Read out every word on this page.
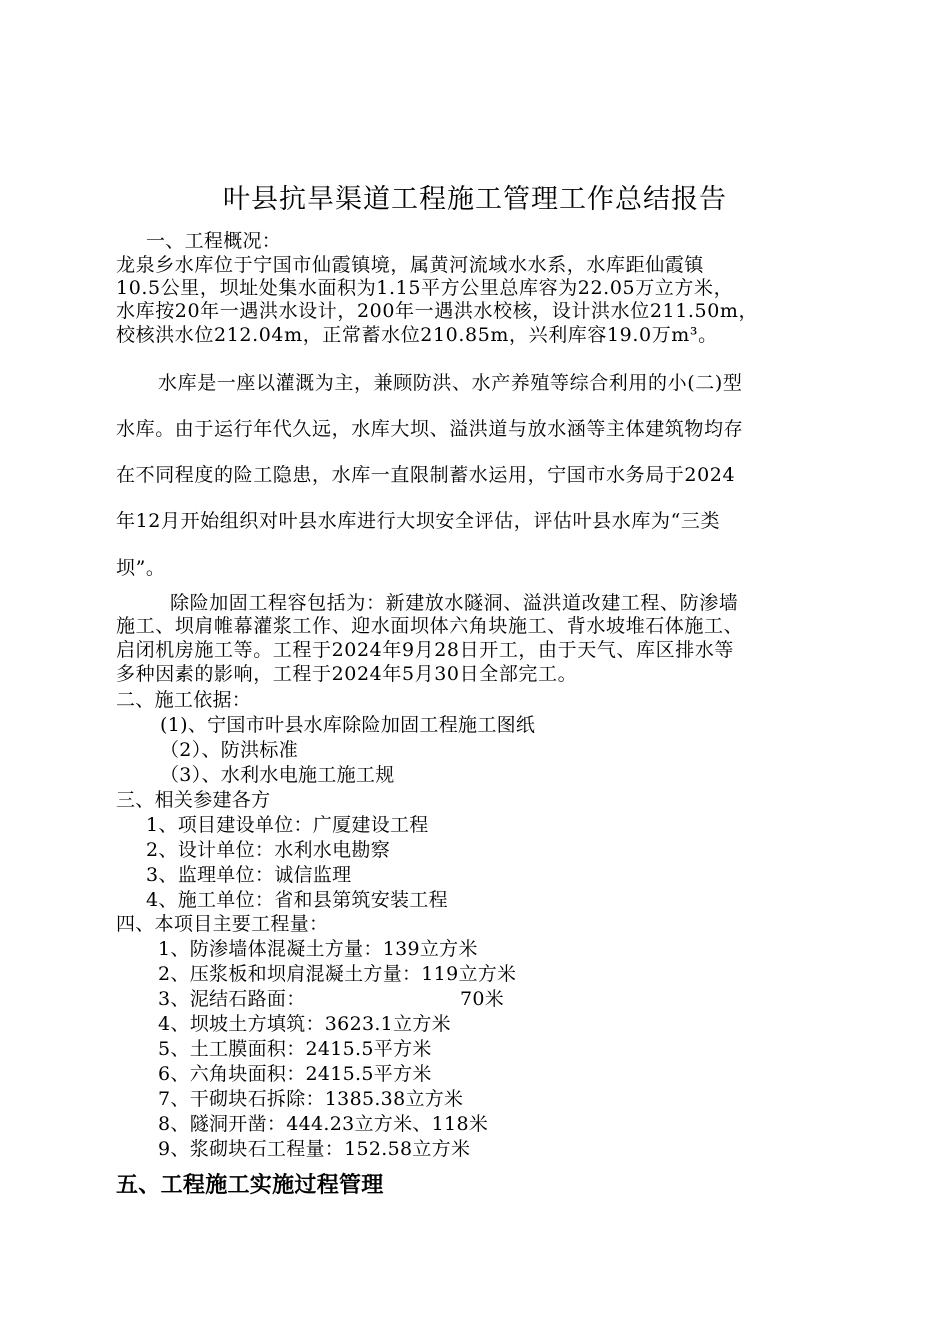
叶县抗旱渠道工程施工管理工作总结报告
一、工程概况：
龙泉乡水库位于宁国市仙霞镇境，属黄河流域水水系，水库距仙霞镇
10.5公里，坝址处集水面积为1.15平方公里总库容为22.05万立方米，
水库按20年一遇洪水设计，200年一遇洪水校核，设计洪水位211.50m，
校核洪水位212.04m，正常蓄水位210.85m，兴利库容19.0万m³。
水库是一座以灌溉为主，兼顾防洪、水产养殖等综合利用的小(二)型
水库。由于运行年代久远，水库大坝、溢洪道与放水涵等主体建筑物均存
在不同程度的险工隐患，水库一直限制蓄水运用，宁国市水务局于2024
年12月开始组织对叶县水库进行大坝安全评估，评估叶县水库为“三类
坝”。
除险加固工程容包括为：新建放水隧洞、溢洪道改建工程、防渗墙
施工、坝肩帷幕灌浆工作、迎水面坝体六角块施工、背水坡堆石体施工、
启闭机房施工等。工程于2024年9月28日开工，由于天气、库区排水等
多种因素的影响，工程于2024年5月30日全部完工。
二、施工依据：
(1)、宁国市叶县水库除险加固工程施工图纸
（2）、防洪标准
（3）、水利水电施工施工规
三、相关参建各方
1、项目建设单位：广厦建设工程
2、设计单位：水利水电勘察
3、监理单位：诚信监理
4、施工单位：省和县第筑安装工程
四、本项目主要工程量：
1、防渗墙体混凝土方量：139立方米
2、压浆板和坝肩混凝土方量：119立方米
3、泥结石路面：	70米
4、坝坡土方填筑：3623.1立方米
5、土工膜面积：2415.5平方米
6、六角块面积：2415.5平方米
7、干砌块石拆除：1385.38立方米
8、隧洞开凿：444.23立方米、118米
9、浆砌块石工程量：152.58立方米
五、工程施工实施过程管理
